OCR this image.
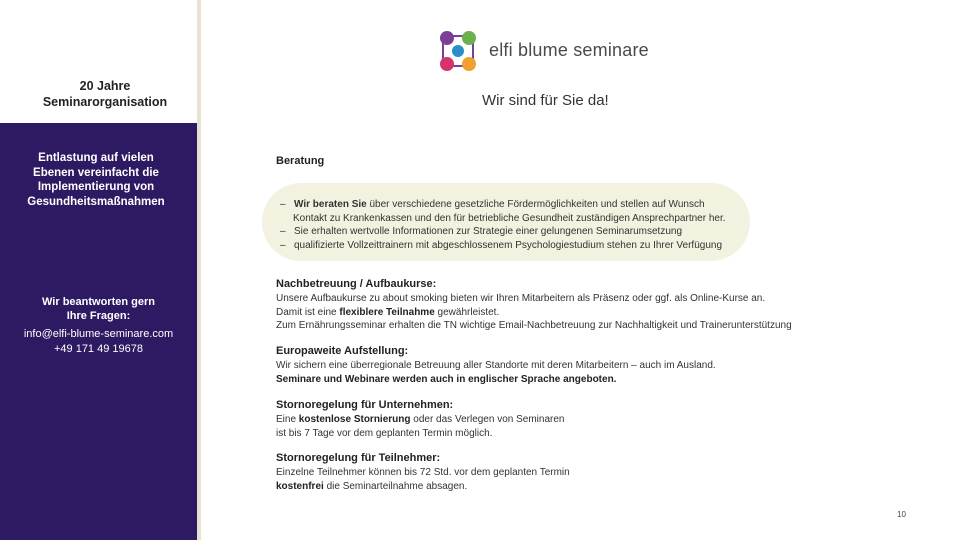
20 Jahre
Seminarorganisation
Entlastung auf vielen
Ebenen vereinfacht die
Implementierung von
Gesundheitsmaßnahmen
Wir beantworten gern
Ihre Fragen:
info@elfi-blume-seminare.com
+49 171 49 19678
elfi blume seminare
Wir sind für Sie da!
Beratung
– Wir beraten Sie über verschiedene gesetzliche Fördermöglichkeiten und stellen auf Wunsch
Kontakt zu Krankenkassen und den für betriebliche Gesundheit zuständigen Ansprechpartner her.
– Sie erhalten wertvolle Informationen zur Strategie einer gelungenen Seminarumsetzung
– qualifizierte Vollzeittrainern mit abgeschlossenem Psychologiestudium stehen zu Ihrer Verfügung
Nachbetreuung / Aufbaukurse:
Unsere Aufbaukurse zu about smoking bieten wir Ihren Mitarbeitern als Präsenz oder ggf. als Online-Kurse an.
Damit ist eine flexiblere Teilnahme gewährleistet.
Zum Ernährungsseminar erhalten die TN wichtige Email-Nachbetreuung zur Nachhaltigkeit und Trainerunterstützung
Europaweite Aufstellung:
Wir sichern eine überregionale Betreuung aller Standorte mit deren Mitarbeitern – auch im Ausland.
Seminare und Webinare werden auch in englischer Sprache angeboten.
Stornoregelung für Unternehmen:
Eine kostenlose Stornierung oder das Verlegen von Seminaren
ist bis 7 Tage vor dem geplanten Termin möglich.
Stornoregelung für Teilnehmer:
Einzelne Teilnehmer können bis 72 Std. vor dem geplanten Termin
kostenfrei die Seminarteilnahme absagen.
10
